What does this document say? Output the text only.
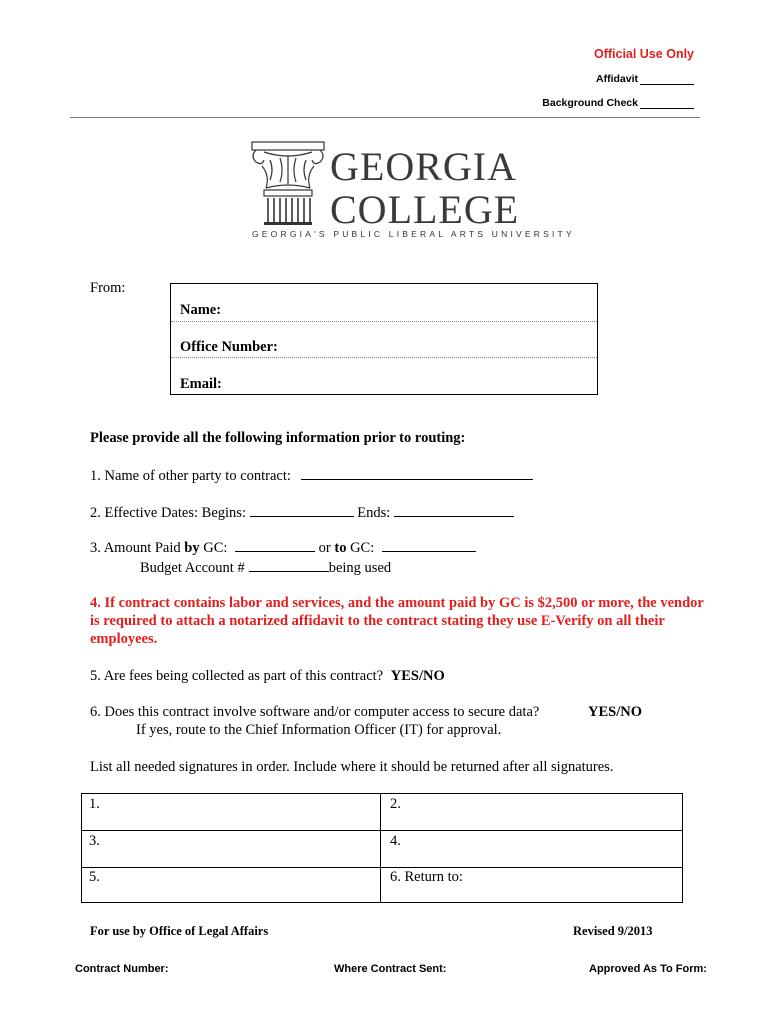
Official Use Only
Affidavit
Background Check
GEORGIA
COLLEGE
GEORGIA'S PUBLIC LIBERAL ARTS UNIVERSITY
From:
Name:
Office Number:
Email:
Please provide all the following information prior to routing:
1. Name of other party to contract:
2. Effective Dates: Begins:	Ends:
3. Amount Paid by GC:	or to GC:
Budget Account #	being used
4. If contract contains labor and services, and the amount paid by GC is $2,500 or more, the vendor is required to attach a notarized affidavit to the contract stating they use E-Verify on all their employees.
5. Are fees being collected as part of this contract? YES/NO
6. Does this contract involve software and/or computer access to secure data?	YES/NO
If yes, route to the Chief Information Officer (IT) for approval.
List all needed signatures in order. Include where it should be returned after all signatures.
1.	2.
3.	4.
5.	6. Return to:
For use by Office of Legal Affairs	Revised 9/2013
Contract Number:	Where Contract Sent:	Approved As To Form:
